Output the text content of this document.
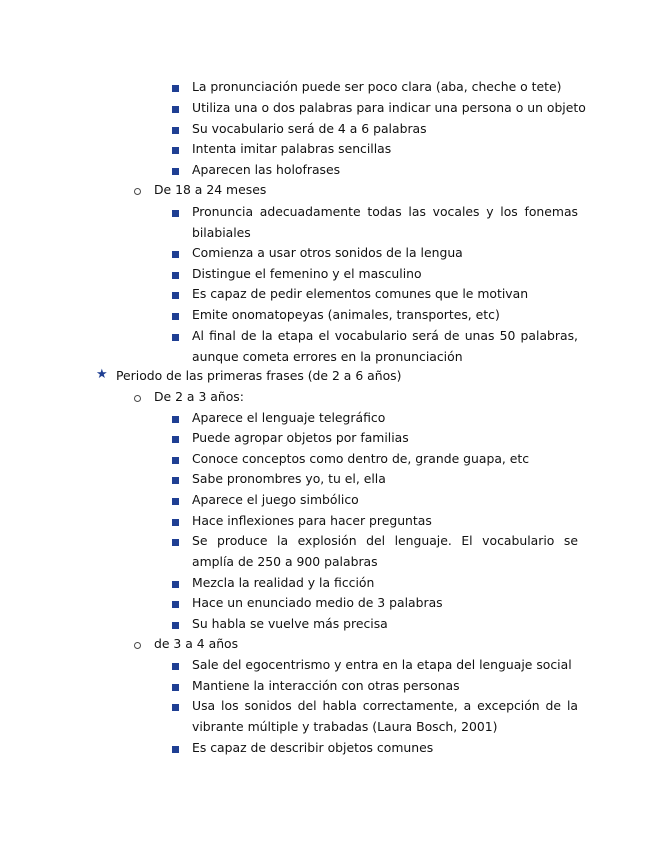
La pronunciación puede ser poco clara (aba, cheche o tete)
Utiliza una o dos palabras para indicar una persona o un objeto
Su vocabulario será de 4 a 6 palabras
Intenta imitar palabras sencillas
Aparecen las holofrases
De 18 a 24 meses
Pronuncia adecuadamente todas las vocales y los fonemas bilabiales
Comienza a usar otros sonidos de la lengua
Distingue el femenino y el masculino
Es capaz de pedir elementos comunes que le motivan
Emite onomatopeyas (animales, transportes, etc)
Al final de la etapa el vocabulario será de unas 50 palabras, aunque cometa errores en la pronunciación
★ Periodo de las primeras frases (de 2 a 6 años)
De 2 a 3 años:
Aparece el lenguaje telegráfico
Puede agropar objetos por familias
Conoce conceptos como dentro de, grande guapa, etc
Sabe pronombres yo, tu el, ella
Aparece el juego simbólico
Hace inflexiones para hacer preguntas
Se produce la explosión del lenguaje. El vocabulario se amplía de 250 a 900 palabras
Mezcla la realidad y la ficción
Hace un enunciado medio de 3 palabras
Su habla se vuelve más precisa
de 3 a 4 años
Sale del egocentrismo y entra en la etapa del lenguaje social
Mantiene la interacción con otras personas
Usa los sonidos del habla correctamente, a excepción de la vibrante múltiple y trabadas (Laura Bosch, 2001)
Es capaz de describir objetos comunes
